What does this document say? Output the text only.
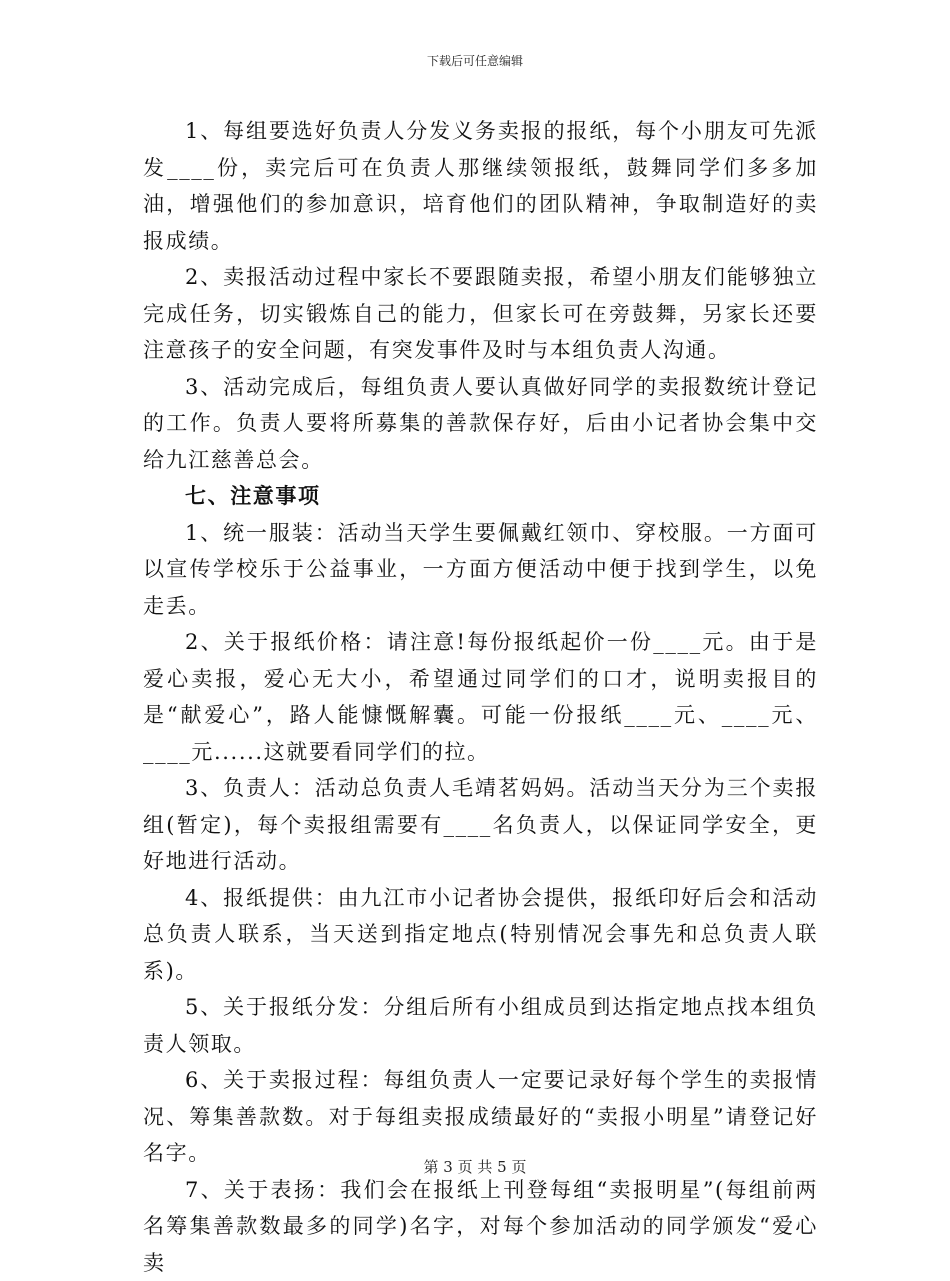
下载后可任意编辑

1、每组要选好负责人分发义务卖报的报纸，每个小朋友可先派发____份，卖完后可在负责人那继续领报纸，鼓舞同学们多多加油，增强他们的参加意识，培育他们的团队精神，争取制造好的卖报成绩。

2、卖报活动过程中家长不要跟随卖报，希望小朋友们能够独立完成任务，切实锻炼自己的能力，但家长可在旁鼓舞，另家长还要注意孩子的安全问题，有突发事件及时与本组负责人沟通。

3、活动完成后，每组负责人要认真做好同学的卖报数统计登记的工作。负责人要将所募集的善款保存好，后由小记者协会集中交给九江慈善总会。

七、注意事项

1、统一服装：活动当天学生要佩戴红领巾、穿校服。一方面可以宣传学校乐于公益事业，一方面方便活动中便于找到学生，以免走丢。

2、关于报纸价格：请注意!每份报纸起价一份____元。由于是爱心卖报，爱心无大小，希望通过同学们的口才，说明卖报目的是“献爱心”，路人能慷慨解囊。可能一份报纸____元、____元、____元......这就要看同学们的拉。

3、负责人：活动总负责人毛靖茗妈妈。活动当天分为三个卖报组(暂定)，每个卖报组需要有____名负责人，以保证同学安全，更好地进行活动。

4、报纸提供：由九江市小记者协会提供，报纸印好后会和活动总负责人联系，当天送到指定地点(特别情况会事先和总负责人联系)。

5、关于报纸分发：分组后所有小组成员到达指定地点找本组负责人领取。

6、关于卖报过程：每组负责人一定要记录好每个学生的卖报情况、筹集善款数。对于每组卖报成绩最好的“卖报小明星”请登记好名字。

7、关于表扬：我们会在报纸上刊登每组“卖报明星”(每组前两名筹集善款数最多的同学)名字，对每个参加活动的同学颁发“爱心卖

第 3 页 共 5 页
